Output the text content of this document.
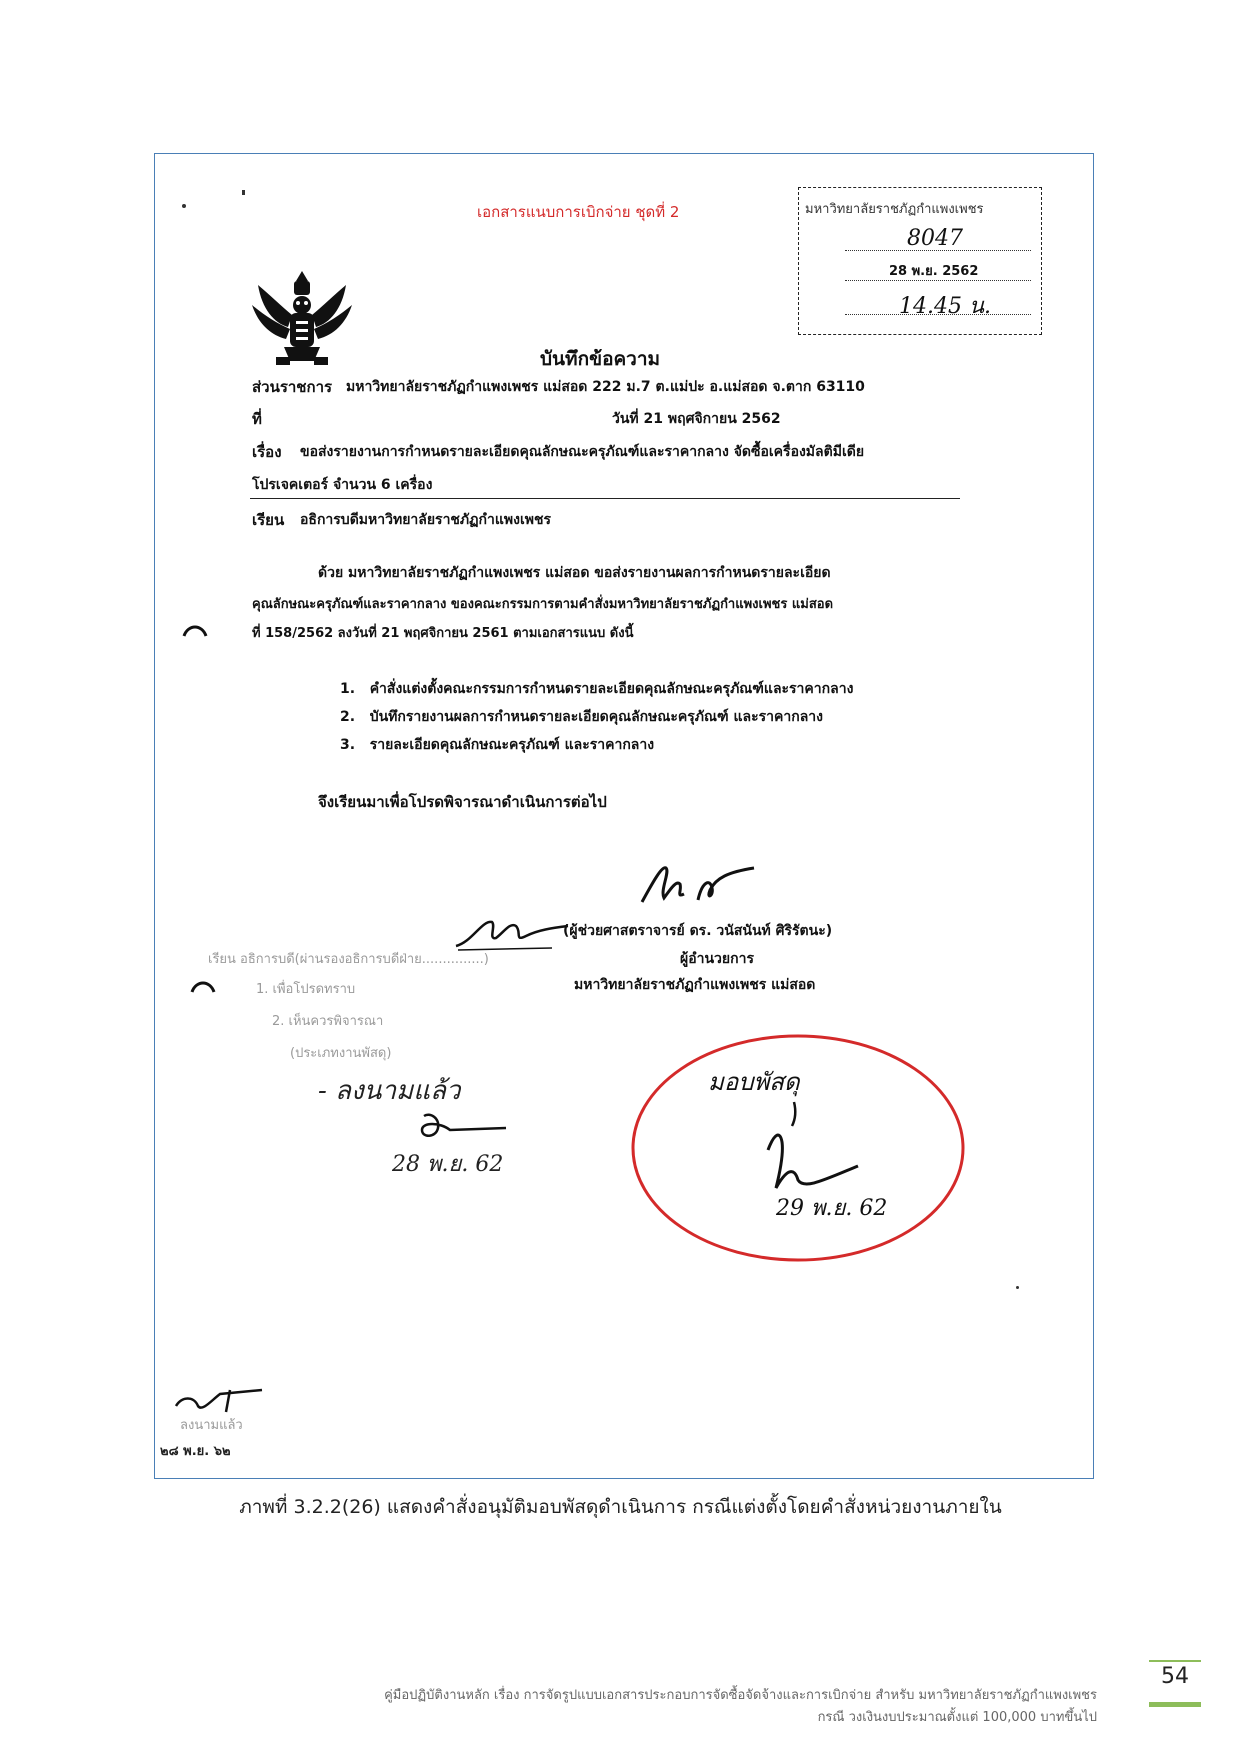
เอกสารแนบการเบิกจ่าย ชุดที่ 2	มหาวิทยาลัยราชภัฏกำแพงเพชร
8047
28 พ.ย. 2562
14.45 น.
บันทึกข้อความ
ส่วนราชการ มหาวิทยาลัยราชภัฏกำแพงเพชร แม่สอด 222 ม.7 ต.แม่ปะ อ.แม่สอด จ.ตาก 63110
ที่	วันที่ 21 พฤศจิกายน 2562
เรื่อง ขอส่งรายงานการกำหนดรายละเอียดคุณลักษณะครุภัณฑ์และราคากลาง จัดซื้อเครื่องมัลติมีเดีย
โปรเจคเตอร์ จำนวน 6 เครื่อง
เรียน อธิการบดีมหาวิทยาลัยราชภัฏกำแพงเพชร
ด้วย มหาวิทยาลัยราชภัฏกำแพงเพชร แม่สอด ขอส่งรายงานผลการกำหนดรายละเอียด
คุณลักษณะครุภัณฑ์และราคากลาง ของคณะกรรมการตามคำสั่งมหาวิทยาลัยราชภัฏกำแพงเพชร แม่สอด
ที่ 158/2562 ลงวันที่ 21 พฤศจิกายน 2561 ตามเอกสารแนบ ดังนี้
1. คำสั่งแต่งตั้งคณะกรรมการกำหนดรายละเอียดคุณลักษณะครุภัณฑ์และราคากลาง
2. บันทึกรายงานผลการกำหนดรายละเอียดคุณลักษณะครุภัณฑ์ และราคากลาง
3. รายละเอียดคุณลักษณะครุภัณฑ์ และราคากลาง
จึงเรียนมาเพื่อโปรดพิจารณาดำเนินการต่อไป
(ผู้ช่วยศาสตราจารย์ ดร. วนัสนันท์ ศิริรัตนะ)
ผู้อำนวยการ
มหาวิทยาลัยราชภัฏกำแพงเพชร แม่สอด
เรียน อธิการบดี(ผ่านรองอธิการบดีฝ่าย...............)
1. เพื่อโปรดทราบ
2. เห็นควรพิจารณา
(ประเภทงานพัสดุ)
- ลงนามแล้ว
28 พ.ย. 62
มอบพัสดุ
29 พ.ย. 62
ลงนามแล้ว
๒๘ พ.ย. ๖๒
ภาพที่ 3.2.2(26) แสดงคำสั่งอนุมัติมอบพัสดุดำเนินการ กรณีแต่งตั้งโดยคำสั่งหน่วยงานภายใน
คู่มือปฏิบัติงานหลัก เรื่อง การจัดรูปแบบเอกสารประกอบการจัดซื้อจัดจ้างและการเบิกจ่าย สำหรับ มหาวิทยาลัยราชภัฏกำแพงเพชร
กรณี วงเงินงบประมาณตั้งแต่ 100,000 บาทขึ้นไป
54
